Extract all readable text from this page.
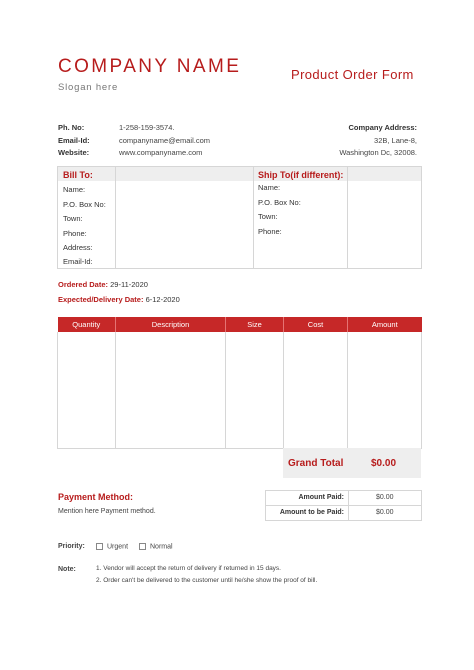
COMPANY NAME
Slogan here
Product Order Form
Ph. No:	1-258-159-3574.
Email-Id:	companyname@email.com
Website:	www.companyname.com
Company Address:
32B, Lane-8,
Washington Dc, 32008.
Bill To:	Ship To(if different):
Name:
P.O. Box No:
Town:
Phone:
Address:
Email-Id:
Name:
P.O. Box No:
Town:
Phone:
Ordered Date: 29-11-2020
Expected/Delivery Date: 6-12-2020
Quantity	Description	Size	Cost	Amount

Grand Total	$0.00
Payment Method:
Mention here Payment method.
Amount Paid:	$0.00
Amount to be Paid:	$0.00
Priority:	Urgent	Normal
Note:	1. Vendor will accept the return of delivery if returned in 15 days.
2. Order can't be delivered to the customer until he/she show the proof of bill.
